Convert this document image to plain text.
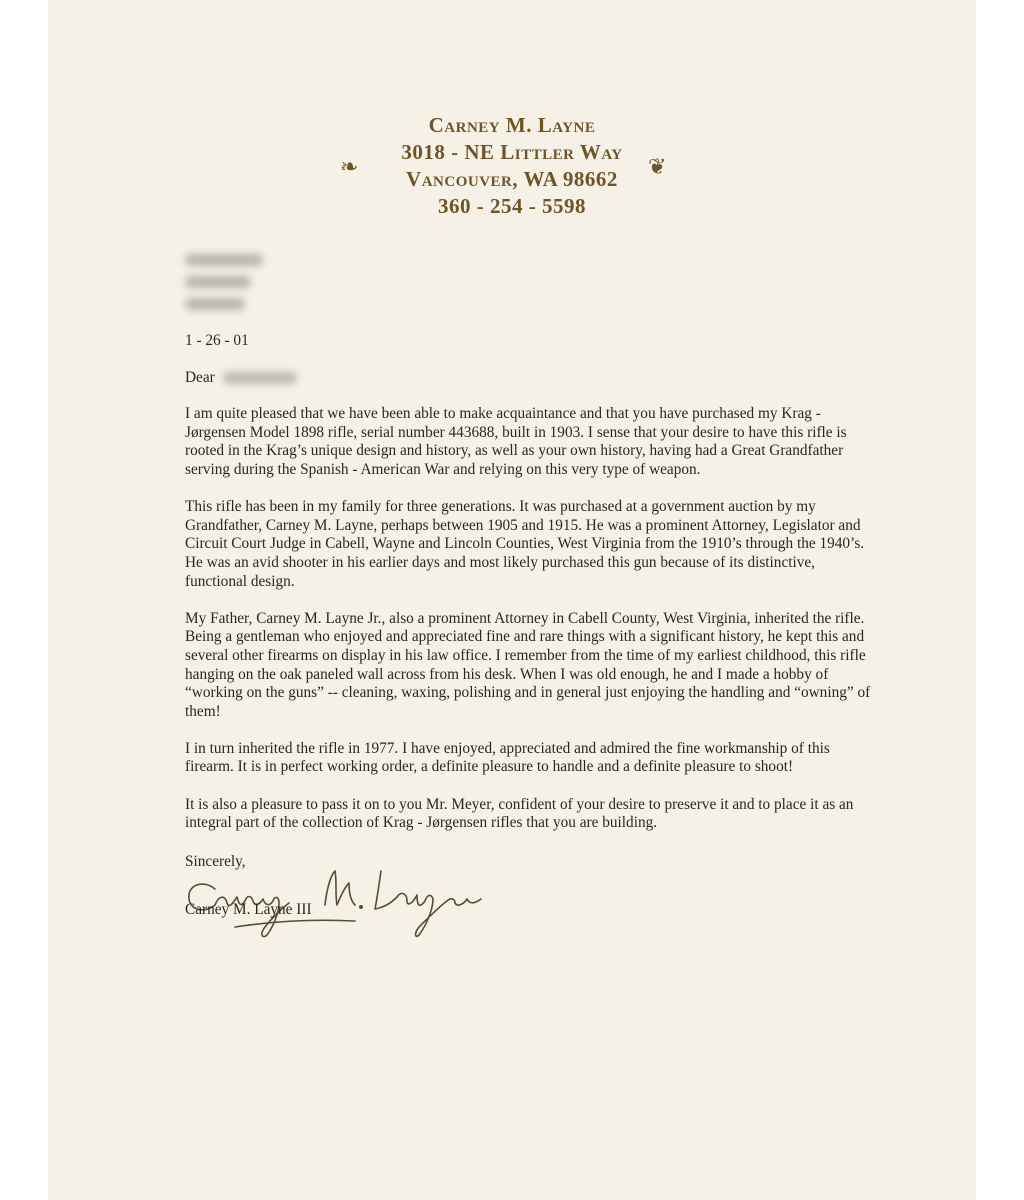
Carney M. Layne
3018 - NE Littler Way
Vancouver, WA 98662
360 - 254 - 5598
❧	❦

1 - 26 - 01

Dear

I am quite pleased that we have been able to make acquaintance and that you have purchased my Krag - Jørgensen Model 1898 rifle, serial number 443688, built in 1903. I sense that your desire to have this rifle is rooted in the Krag’s unique design and history, as well as your own history, having had a Great Grandfather serving during the Spanish - American War and relying on this very type of weapon.

This rifle has been in my family for three generations. It was purchased at a government auction by my Grandfather, Carney M. Layne, perhaps between 1905 and 1915. He was a prominent Attorney, Legislator and Circuit Court Judge in Cabell, Wayne and Lincoln Counties, West Virginia from the 1910’s through the 1940’s. He was an avid shooter in his earlier days and most likely purchased this gun because of its distinctive, functional design.

My Father, Carney M. Layne Jr., also a prominent Attorney in Cabell County, West Virginia, inherited the rifle. Being a gentleman who enjoyed and appreciated fine and rare things with a significant history, he kept this and several other firearms on display in his law office. I remember from the time of my earliest childhood, this rifle hanging on the oak paneled wall across from his desk. When I was old enough, he and I made a hobby of “working on the guns” -- cleaning, waxing, polishing and in general just enjoying the handling and “owning” of them!

I in turn inherited the rifle in 1977. I have enjoyed, appreciated and admired the fine workmanship of this firearm. It is in perfect working order, a definite pleasure to handle and a definite pleasure to shoot!

It is also a pleasure to pass it on to you Mr. Meyer, confident of your desire to preserve it and to place it as an integral part of the collection of Krag - Jørgensen rifles that you are building.

Sincerely,

Carney M. Layne III
